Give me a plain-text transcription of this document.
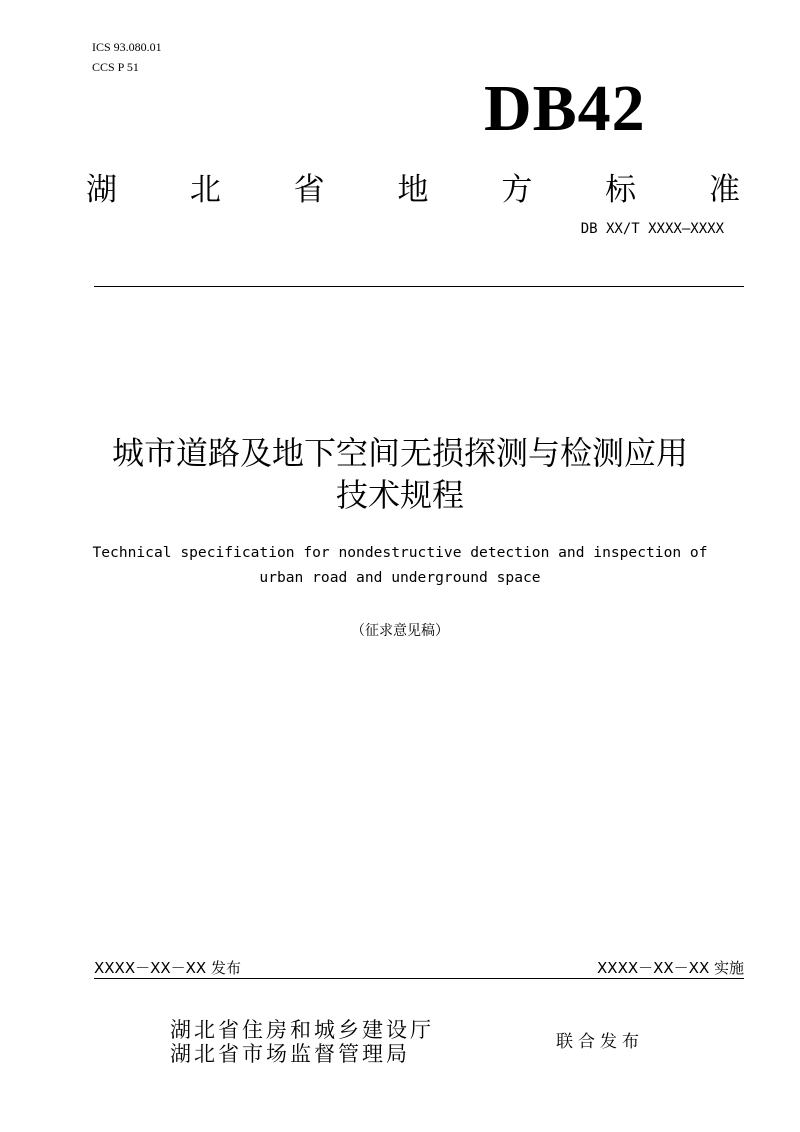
ICS 93.080.01
CCS P 51
DB42
湖 北 省 地 方 标 准
DB XX/T XXXX—XXXX
城市道路及地下空间无损探测与检测应用
技术规程
Technical specification for nondestructive detection and inspection of
urban road and underground space
（征求意见稿）
XXXX－XX－XX 发布	XXXX－XX－XX 实施
湖北省住房和城乡建设厅
湖北省市场监督管理局	联合发布
